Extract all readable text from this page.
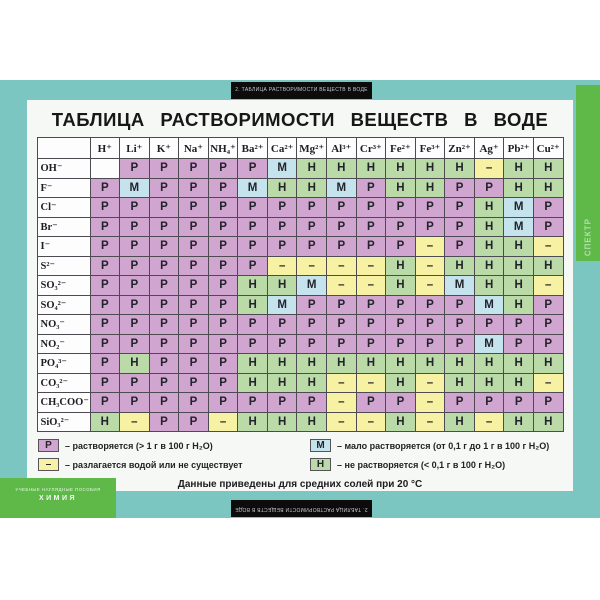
2. ТАБЛИЦА РАСТВОРИМОСТИ ВЕЩЕСТВ В ВОДЕ
СПЕКТР
ТАБЛИЦА РАСТВОРИМОСТИ ВЕЩЕСТВ В ВОДЕ
	H⁺	Li⁺	K⁺	Na⁺	NH₄⁺	Ba²⁺	Ca²⁺	Mg²⁺	Al³⁺	Cr³⁺	Fe²⁺	Fe³⁺	Zn²⁺	Ag⁺	Pb²⁺	Cu²⁺
OH⁻		Р	Р	Р	Р	Р	М	Н	Н	Н	Н	Н	Н	–	Н	Н
F⁻	Р	М	Р	Р	Р	М	Н	Н	М	Р	Н	Н	Р	Р	Н	Н
Cl⁻	Р	Р	Р	Р	Р	Р	Р	Р	Р	Р	Р	Р	Р	Н	М	Р
Br⁻	Р	Р	Р	Р	Р	Р	Р	Р	Р	Р	Р	Р	Р	Н	М	Р
I⁻	Р	Р	Р	Р	Р	Р	Р	Р	Р	Р	Р	–	Р	Н	Н	–
S²⁻	Р	Р	Р	Р	Р	Р	–	–	–	–	Н	–	Н	Н	Н	Н
SO₃²⁻	Р	Р	Р	Р	Р	Н	Н	М	–	–	Н	–	М	Н	Н	–
SO₄²⁻	Р	Р	Р	Р	Р	Н	М	Р	Р	Р	Р	Р	Р	М	Н	Р
NO₃⁻	Р	Р	Р	Р	Р	Р	Р	Р	Р	Р	Р	Р	Р	Р	Р	Р
NO₂⁻	Р	Р	Р	Р	Р	Р	Р	Р	Р	Р	Р	Р	Р	М	Р	Р
PO₄³⁻	Р	Н	Р	Р	Р	Н	Н	Н	Н	Н	Н	Н	Н	Н	Н	Н
CO₃²⁻	Р	Р	Р	Р	Р	Н	Н	Н	–	–	Н	–	Н	Н	Н	–
CH₃COO⁻	Р	Р	Р	Р	Р	Р	Р	Р	–	Р	Р	–	Р	Р	Р	Р
SiO₃²⁻	Н	–	Р	Р	–	Н	Н	Н	–	–	Н	–	Н	–	Н	Н
Р	– растворяется (> 1 г в 100 г H₂O)	М	– мало растворяется (от 0,1 г до 1 г в 100 г H₂O)
–	– разлагается водой или не существует	Н	– не растворяется (< 0,1 г в 100 г H₂O)
Данные приведены для средних солей при 20 °С
2. ТАБЛИЦА РАСТВОРИМОСТИ ВЕЩЕСТВ В ВОДЕ
УЧЕБНЫЕ НАГЛЯДНЫЕ ПОСОБИЯ
ХИМИЯ
